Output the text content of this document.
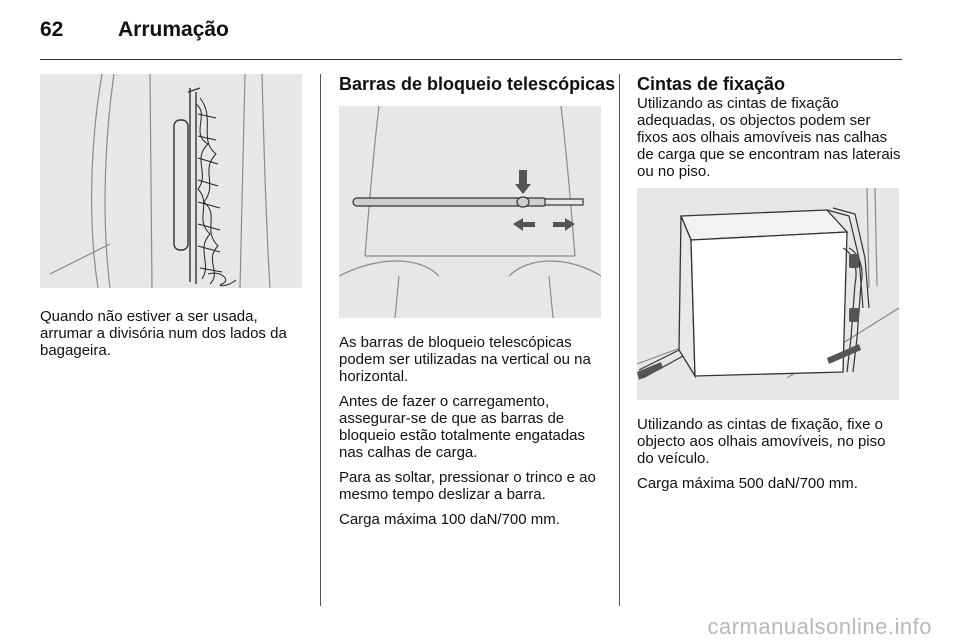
62	Arrumação

Quando não estiver a ser usada, arrumar a divisória num dos lados da bagageira.

Barras de bloqueio telescópicas

As barras de bloqueio telescópicas podem ser utilizadas na vertical ou na horizontal.

Antes de fazer o carregamento, assegurar-se de que as barras de bloqueio estão totalmente engatadas nas calhas de carga.

Para as soltar, pressionar o trinco e ao mesmo tempo deslizar a barra.

Carga máxima 100 daN/700 mm.

Cintas de fixação

Utilizando as cintas de fixação adequadas, os objectos podem ser fixos aos olhais amovíveis nas calhas de carga que se encontram nas laterais ou no piso.

Utilizando as cintas de fixação, fixe o objecto aos olhais amovíveis, no piso do veículo.

Carga máxima 500 daN/700 mm.

carmanualsonline.info
